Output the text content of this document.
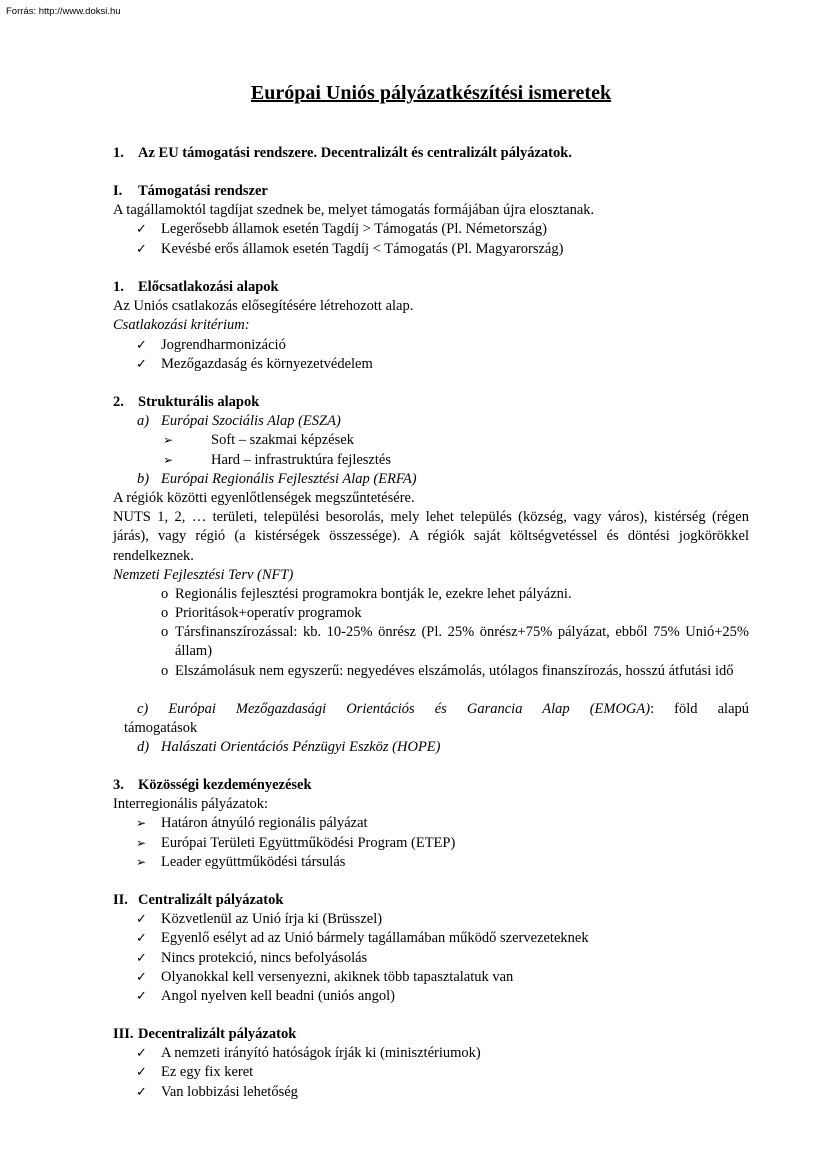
Forrás: http://www.doksi.hu
Európai Uniós pályázatkészítési ismeretek
1. Az EU támogatási rendszere. Decentralizált és centralizált pályázatok.
I. Támogatási rendszer
A tagállamoktól tagdíjat szednek be, melyet támogatás formájában újra elosztanak.
✓ Legerősebb államok esetén Tagdíj > Támogatás (Pl. Németország)
✓ Kevésbé erős államok esetén Tagdíj < Támogatás (Pl. Magyarország)
1. Előcsatlakozási alapok
Az Uniós csatlakozás elősegítésére létrehozott alap.
Csatlakozási kritérium:
✓ Jogrendharmonizáció
✓ Mezőgazdaság és környezetvédelem
2. Strukturális alapok
a) Európai Szociális Alap (ESZA)
➢	Soft – szakmai képzések
➢	Hard – infrastruktúra fejlesztés
b) Európai Regionális Fejlesztési Alap (ERFA)
A régiók közötti egyenlőtlenségek megszűntetésére.
NUTS 1, 2, … területi, települési besorolás, mely lehet település (község, vagy város), kistérség (régen járás), vagy régió (a kistérségek összessége). A régiók saját költségvetéssel és döntési jogkörökkel rendelkeznek.
Nemzeti Fejlesztési Terv (NFT)
o Regionális fejlesztési programokra bontják le, ezekre lehet pályázni.
o Prioritások+operatív programok
o Társfinanszírozással: kb. 10-25% önrész (Pl. 25% önrész+75% pályázat, ebből 75% Unió+25% állam)
o Elszámolásuk nem egyszerű: negyedéves elszámolás, utólagos finanszírozás, hosszú átfutási idő
c) Európai Mezőgazdasági Orientációs és Garancia Alap (EMOGA): föld alapú
támogatások
d) Halászati Orientációs Pénzügyi Eszköz (HOPE)
3. Közösségi kezdeményezések
Interregionális pályázatok:
➢ Határon átnyúló regionális pályázat
➢ Európai Területi Együttműködési Program (ETEP)
➢ Leader együttműködési társulás
II. Centralizált pályázatok
✓ Közvetlenül az Unió írja ki (Brüsszel)
✓ Egyenlő esélyt ad az Unió bármely tagállamában működő szervezeteknek
✓ Nincs protekció, nincs befolyásolás
✓ Olyanokkal kell versenyezni, akiknek több tapasztalatuk van
✓ Angol nyelven kell beadni (uniós angol)
III. Decentralizált pályázatok
✓ A nemzeti irányító hatóságok írják ki (minisztériumok)
✓ Ez egy fix keret
✓ Van lobbizási lehetőség
